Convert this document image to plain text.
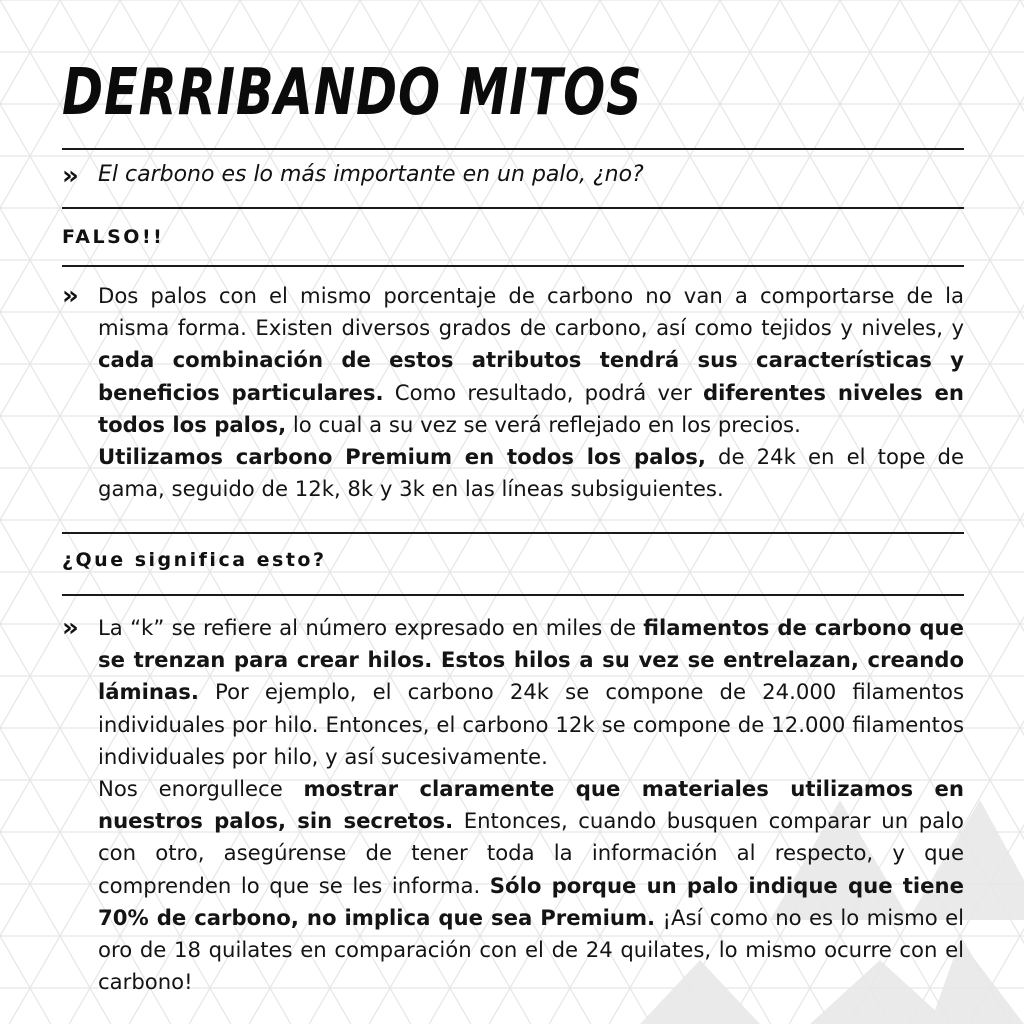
DERRIBANDO MITOS
» El carbono es lo más importante en un palo, ¿no?
FALSO!!
» Dos palos con el mismo porcentaje de carbono no van a comportarse de la misma forma. Existen diversos grados de carbono, así como tejidos y niveles, y cada combinación de estos atributos tendrá sus características y beneficios particulares. Como resultado, podrá ver diferentes niveles en todos los palos, lo cual a su vez se verá reflejado en los precios.
Utilizamos carbono Premium en todos los palos, de 24k en el tope de gama, seguido de 12k, 8k y 3k en las líneas subsiguientes.
¿Que significa esto?
» La “k” se refiere al número expresado en miles de filamentos de carbono que se trenzan para crear hilos. Estos hilos a su vez se entrelazan, creando láminas. Por ejemplo, el carbono 24k se compone de 24.000 filamentos individuales por hilo. Entonces, el carbono 12k se compone de 12.000 filamentos individuales por hilo, y así sucesivamente.
Nos enorgullece mostrar claramente que materiales utilizamos en nuestros palos, sin secretos. Entonces, cuando busquen comparar un palo con otro, asegúrense de tener toda la información al respecto, y que comprenden lo que se les informa. Sólo porque un palo indique que tiene 70% de carbono, no implica que sea Premium. ¡Así como no es lo mismo el oro de 18 quilates en comparación con el de 24 quilates, lo mismo ocurre con el carbono!
